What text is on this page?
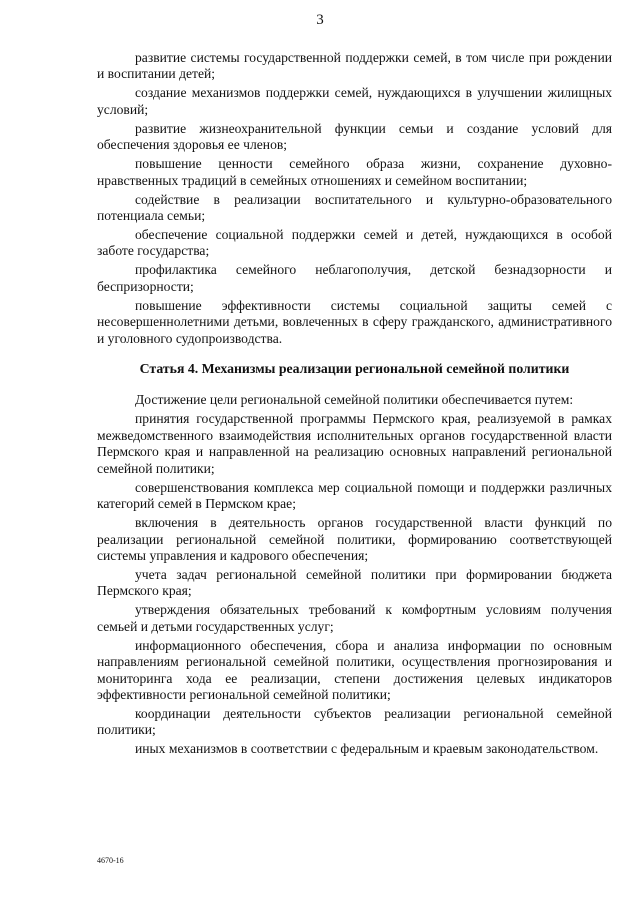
3

развитие системы государственной поддержки семей, в том числе при рождении и воспитании детей;

создание механизмов поддержки семей, нуждающихся в улучшении жилищных условий;

развитие жизнеохранительной функции семьи и создание условий для обеспечения здоровья ее членов;

повышение ценности семейного образа жизни, сохранение духовно-нравственных традиций в семейных отношениях и семейном воспитании;

содействие в реализации воспитательного и культурно-образовательного потенциала семьи;

обеспечение социальной поддержки семей и детей, нуждающихся в особой заботе государства;

профилактика семейного неблагополучия, детской безнадзорности и беспризорности;

повышение эффективности системы социальной защиты семей с несовершеннолетними детьми, вовлеченных в сферу гражданского, административного и уголовного судопроизводства.

Статья 4. Механизмы реализации региональной семейной политики

Достижение цели региональной семейной политики обеспечивается путем:

принятия государственной программы Пермского края, реализуемой в рамках межведомственного взаимодействия исполнительных органов государственной власти Пермского края и направленной на реализацию основных направлений региональной семейной политики;

совершенствования комплекса мер социальной помощи и поддержки различных категорий семей в Пермском крае;

включения в деятельность органов государственной власти функций по реализации региональной семейной политики, формированию соответствующей системы управления и кадрового обеспечения;

учета задач региональной семейной политики при формировании бюджета Пермского края;

утверждения обязательных требований к комфортным условиям получения семьей и детьми государственных услуг;

информационного обеспечения, сбора и анализа информации по основным направлениям региональной семейной политики, осуществления прогнозирования и мониторинга хода ее реализации, степени достижения целевых индикаторов эффективности региональной семейной политики;

координации деятельности субъектов реализации региональной семейной политики;

иных механизмов в соответствии с федеральным и краевым законодательством.

4670-16
